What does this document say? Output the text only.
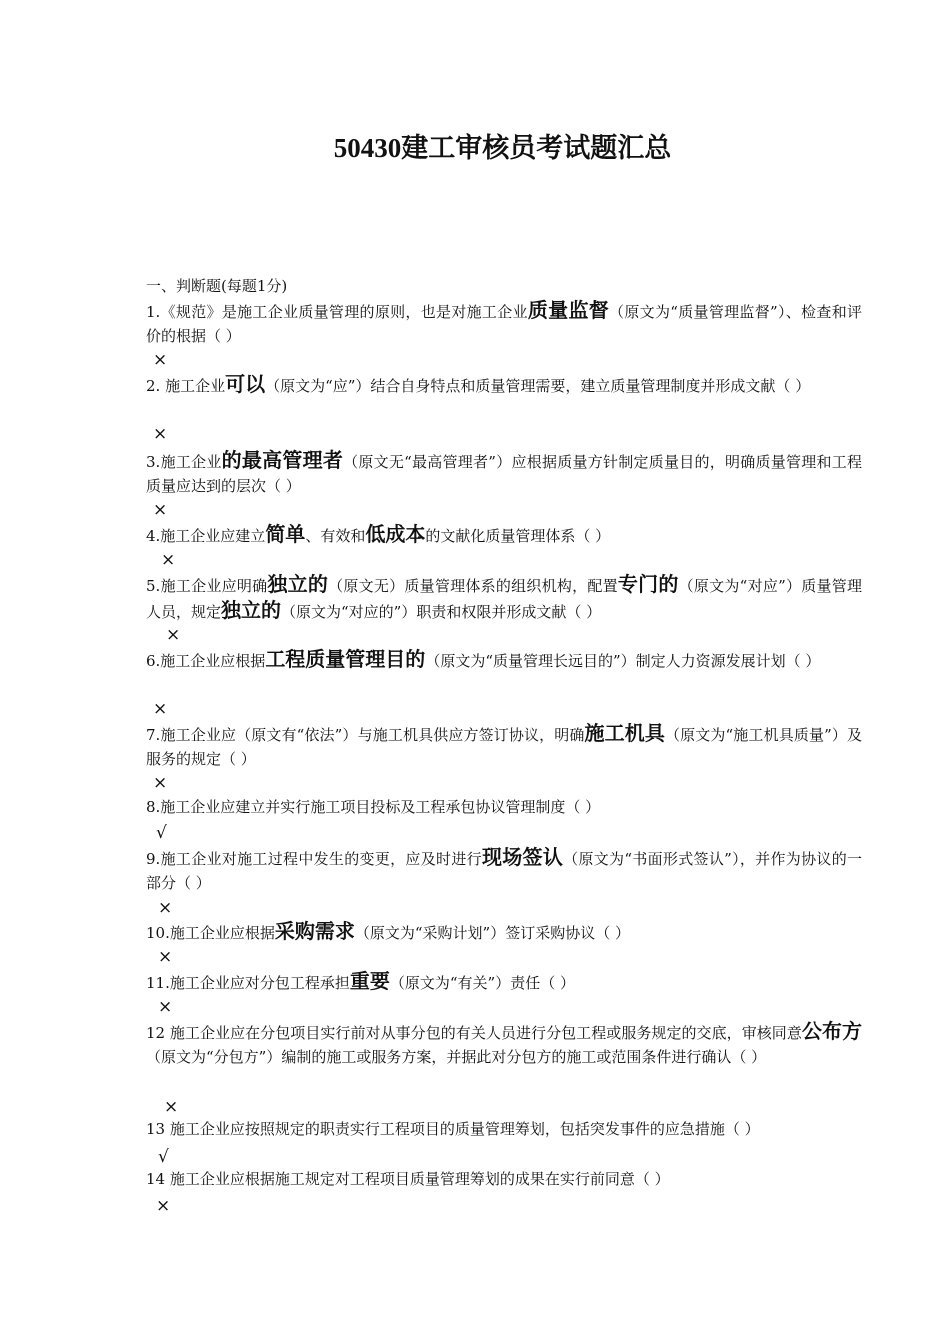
50430建工审核员考试题汇总
一、判断题(每题1分)
1.《规范》是施工企业质量管理的原则，也是对施工企业质量监督（原文为“质量管理监督”）、检查和评价的根据（ ）
×
2. 施工企业可以（原文为“应”）结合自身特点和质量管理需要，建立质量管理制度并形成文献（ ）
×
3.施工企业的最高管理者（原文无“最高管理者”）应根据质量方针制定质量目的，明确质量管理和工程质量应达到的层次（ ）
×
4.施工企业应建立简单、有效和低成本的文献化质量管理体系（ ）
×
5.施工企业应明确独立的（原文无）质量管理体系的组织机构，配置专门的（原文为“对应”）质量管理人员，规定独立的（原文为“对应的”）职责和权限并形成文献（ ）
×
6.施工企业应根据工程质量管理目的（原文为“质量管理长远目的”）制定人力资源发展计划（ ）
×
7.施工企业应（原文有“依法”）与施工机具供应方签订协议，明确施工机具（原文为“施工机具质量”）及服务的规定（ ）
×
8.施工企业应建立并实行施工项目投标及工程承包协议管理制度（ ）
√
9.施工企业对施工过程中发生的变更，应及时进行现场签认（原文为“书面形式签认”），并作为协议的一部分（ ）
×
10.施工企业应根据采购需求（原文为“采购计划”）签订采购协议（ ）
×
11.施工企业应对分包工程承担重要（原文为“有关”）责任（ ）
×
12 施工企业应在分包项目实行前对从事分包的有关人员进行分包工程或服务规定的交底，审核同意公布方（原文为“分包方”）编制的施工或服务方案，并据此对分包方的施工或范围条件进行确认（ ）
×
13 施工企业应按照规定的职责实行工程项目的质量管理筹划，包括突发事件的应急措施（ ）
√
14 施工企业应根据施工规定对工程项目质量管理筹划的成果在实行前同意（ ）
×
